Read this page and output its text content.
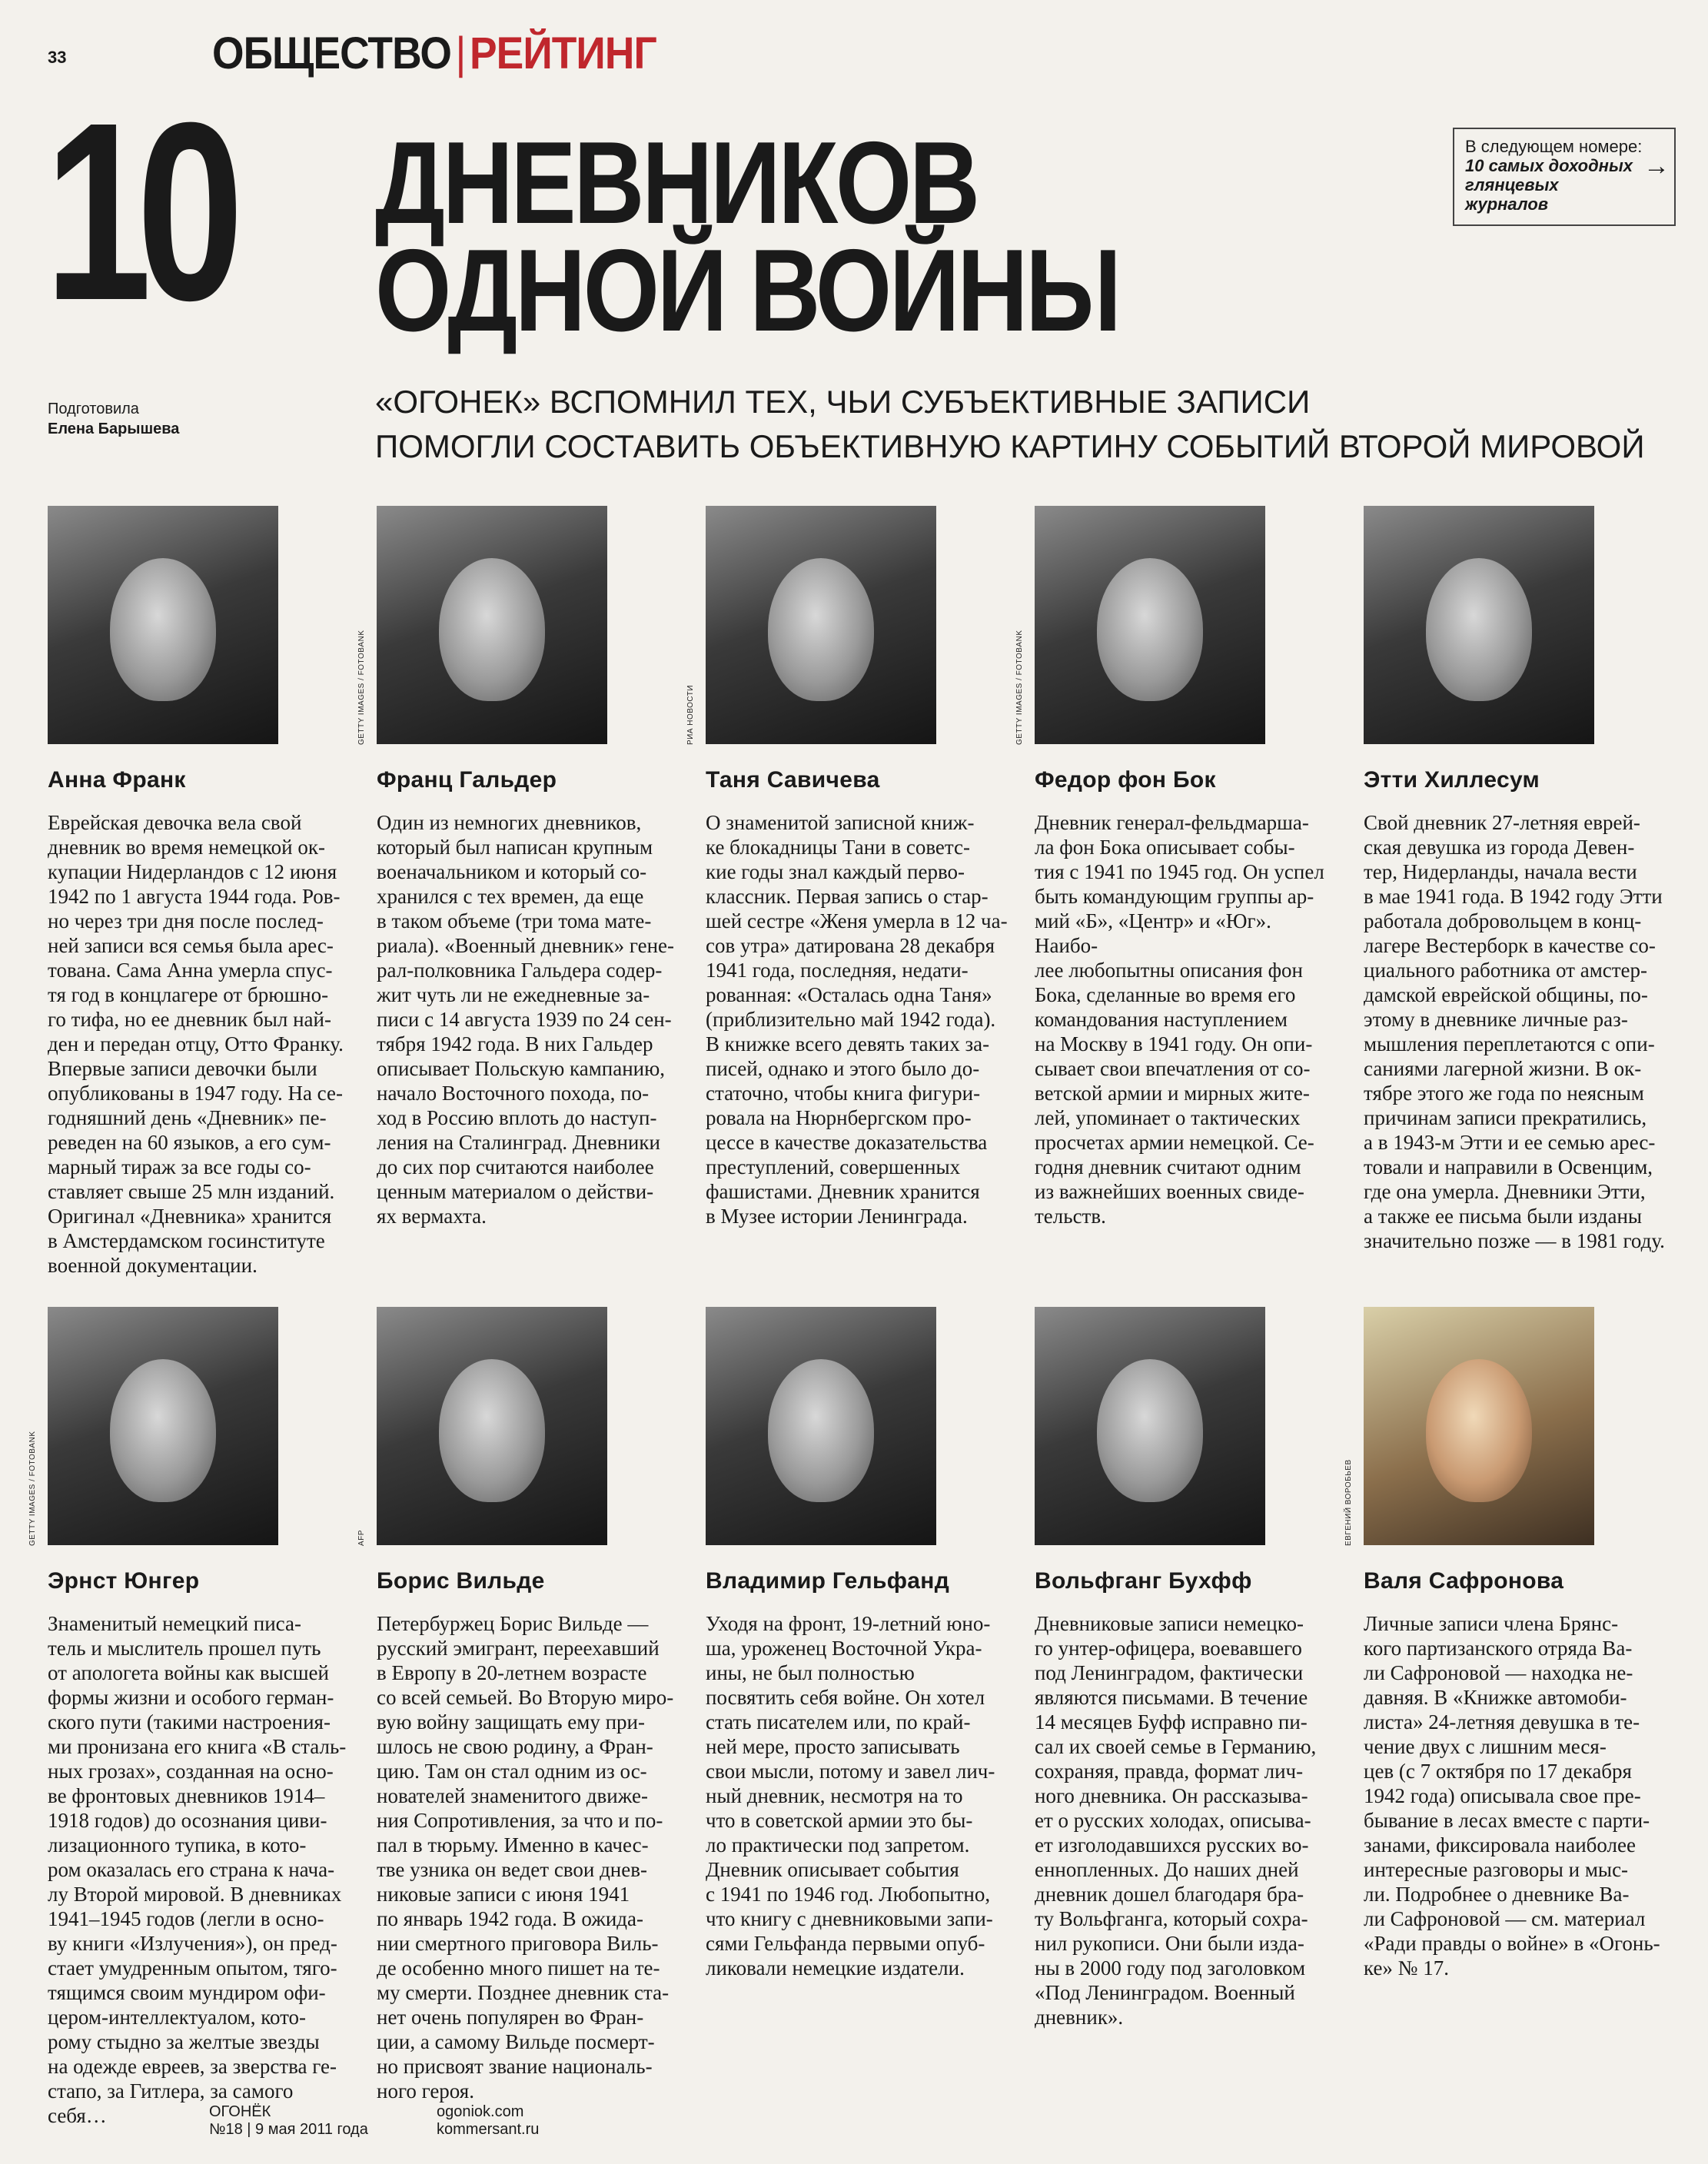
33	ОБЩЕСТВО|РЕЙТИНГ
10 ДНЕВНИКОВ
ОДНОЙ ВОЙНЫ
В следующем номере:
10 самых доходных глянцевых журналов
→
Подготовила
Елена Барышева
«ОГОНЕК» ВСПОМНИЛ ТЕХ, ЧЬИ СУБЪЕКТИВНЫЕ ЗАПИСИ
ПОМОГЛИ СОСТАВИТЬ ОБЪЕКТИВНУЮ КАРТИНУ СОБЫТИЙ ВТОРОЙ МИРОВОЙ
Анна Франк
Еврейская девочка вела свой
дневник во время немецкой ок-
купации Нидерландов с 12 июня
1942 по 1 августа 1944 года. Ров-
но через три дня после послед-
ней записи вся семья была арес-
тована. Сама Анна умерла спус-
тя год в концлагере от брюшно-
го тифа, но ее дневник был най-
ден и передан отцу, Отто Франку.
Впервые записи девочки были
опубликованы в 1947 году. На се-
годняшний день «Дневник» пе-
реведен на 60 языков, а его сум-
марный тираж за все годы со-
ставляет свыше 25 млн изданий.
Оригинал «Дневника» хранится
в Амстердамском госинституте
военной документации.
Франц Гальдер
Один из немногих дневников,
который был написан крупным
военачальником и который со-
хранился с тех времен, да еще
в таком объеме (три тома мате-
риала). «Военный дневник» гене-
рал-полковника Гальдера содер-
жит чуть ли не ежедневные за-
писи с 14 августа 1939 по 24 сен-
тября 1942 года. В них Гальдер
описывает Польскую кампанию,
начало Восточного похода, по-
ход в Россию вплоть до наступ-
ления на Сталинград. Дневники
до сих пор считаются наиболее
ценным материалом о действи-
ях вермахта.
Таня Савичева
О знаменитой записной книж-
ке блокадницы Тани в советс-
кие годы знал каждый перво-
классник. Первая запись о стар-
шей сестре «Женя умерла в 12 ча-
сов утра» датирована 28 декабря
1941 года, последняя, недати-
рованная: «Осталась одна Таня»
(приблизительно май 1942 года).
В книжке всего девять таких за-
писей, однако и этого было до-
статочно, чтобы книга фигури-
ровала на Нюрнбергском про-
цессе в качестве доказательства
преступлений, совершенных
фашистами. Дневник хранится
в Музее истории Ленинграда.
Федор фон Бок
Дневник генерал-фельдмарша-
ла фон Бока описывает собы-
тия с 1941 по 1945 год. Он успел
быть командующим группы ар-
мий «Б», «Центр» и «Юг». Наибо-
лее любопытны описания фон
Бока, сделанные во время его
командования наступлением
на Москву в 1941 году. Он опи-
сывает свои впечатления от со-
ветской армии и мирных жите-
лей, упоминает о тактических
просчетах армии немецкой. Се-
годня дневник считают одним
из важнейших военных свиде-
тельств.
Этти Хиллесум
Свой дневник 27-летняя еврей-
ская девушка из города Девен-
тер, Нидерланды, начала вести
в мае 1941 года. В 1942 году Этти
работала добровольцем в конц-
лагере Вестерборк в качестве со-
циального работника от амстер-
дамской еврейской общины, по-
этому в дневнике личные раз-
мышления переплетаются с опи-
саниями лагерной жизни. В ок-
тябре этого же года по неясным
причинам записи прекратились,
а в 1943-м Этти и ее семью арес-
товали и направили в Освенцим,
где она умерла. Дневники Этти,
а также ее письма были изданы
значительно позже — в 1981 году.
Эрнст Юнгер
Знаменитый немецкий писа-
тель и мыслитель прошел путь
от апологета войны как высшей
формы жизни и особого герман-
ского пути (такими настроения-
ми пронизана его книга «В сталь-
ных грозах», созданная на осно-
ве фронтовых дневников 1914–
1918 годов) до осознания циви-
лизационного тупика, в кото-
ром оказалась его страна к нача-
лу Второй мировой. В дневниках
1941–1945 годов (легли в осно-
ву книги «Излучения»), он пред-
стает умудренным опытом, тяго-
тящимся своим мундиром офи-
цером-интеллектуалом, кото-
рому стыдно за желтые звезды
на одежде евреев, за зверства ге-
стапо, за Гитлера, за самого себя…
Борис Вильде
Петербуржец Борис Вильде —
русский эмигрант, переехавший
в Европу в 20-летнем возрасте
со всей семьей. Во Вторую миро-
вую войну защищать ему при-
шлось не свою родину, а Фран-
цию. Там он стал одним из ос-
нователей знаменитого движе-
ния Сопротивления, за что и по-
пал в тюрьму. Именно в качес-
тве узника он ведет свои днев-
никовые записи с июня 1941
по январь 1942 года. В ожида-
нии смертного приговора Виль-
де особенно много пишет на те-
му смерти. Позднее дневник ста-
нет очень популярен во Фран-
ции, а самому Вильде посмерт-
но присвоят звание националь-
ного героя.
Владимир Гельфанд
Уходя на фронт, 19-летний юно-
ша, уроженец Восточной Укра-
ины, не был полностью
посвятить себя войне. Он хотел
стать писателем или, по край-
ней мере, просто записывать
свои мысли, потому и завел лич-
ный дневник, несмотря на то
что в советской армии это бы-
ло практически под запретом.
Дневник описывает события
с 1941 по 1946 год. Любопытно,
что книгу с дневниковыми запи-
сями Гельфанда первыми опуб-
ликовали немецкие издатели.
Вольфганг Бухфф
Дневниковые записи немецко-
го унтер-офицера, воевавшего
под Ленинградом, фактически
являются письмами. В течение
14 месяцев Буфф исправно пи-
сал их своей семье в Германию,
сохраняя, правда, формат лич-
ного дневника. Он рассказыва-
ет о русских холодах, описыва-
ет изголодавшихся русских во-
еннопленных. До наших дней
дневник дошел благодаря бра-
ту Вольфганга, который сохра-
нил рукописи. Они были изда-
ны в 2000 году под заголовком
«Под Ленинградом. Военный
дневник».
Валя Сафронова
Личные записи члена Брянс-
кого партизанского отряда Ва-
ли Сафроновой — находка не-
давняя. В «Книжке автомоби-
листа» 24-летняя девушка в те-
чение двух с лишним меся-
цев (с 7 октября по 17 декабря
1942 года) описывала свое пре-
бывание в лесах вместе с парти-
занами, фиксировала наиболее
интересные разговоры и мыс-
ли. Подробнее о дневнике Ва-
ли Сафроновой — см. материал
«Ради правды о войне» в «Огонь-
ке» № 17.
ОГОНЁК
№18 | 9 мая 2011 года
ogoniok.com
kommersant.ru
GETTY IMAGES / FOTOBANK	РИА НОВОСТИ	GETTY IMAGES / FOTOBANK
GETTY IMAGES / FOTOBANK	AFP	ЕВГЕНИЙ ВОРОБЬЕВ
